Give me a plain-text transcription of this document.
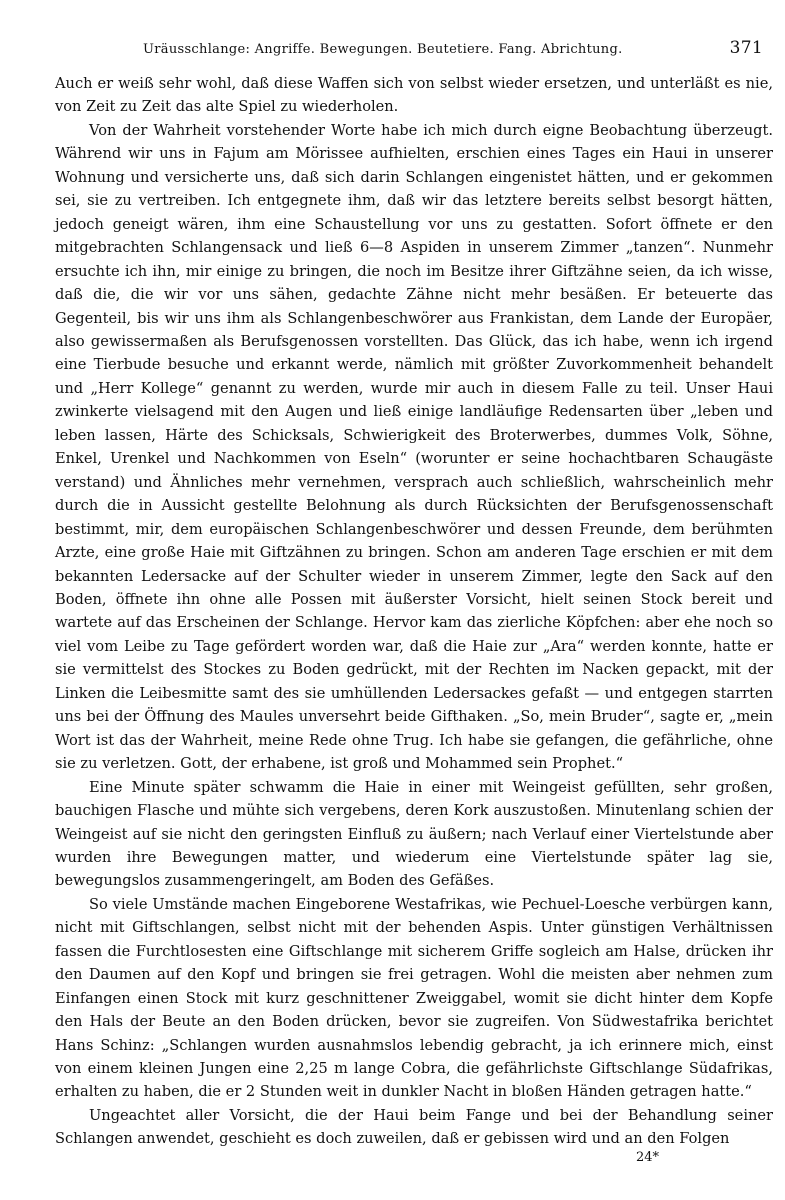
Uräusschlange: Angriffe. Bewegungen. Beutetiere. Fang. Abrichtung.	371

Auch er weiß sehr wohl, daß diese Waffen sich von selbst wieder ersetzen, und unterläßt es nie, von Zeit zu Zeit das alte Spiel zu wiederholen.

Von der Wahrheit vorstehender Worte habe ich mich durch eigne Beobachtung überzeugt. Während wir uns in Fajum am Mörissee aufhielten, erschien eines Tages ein Haui in unserer Wohnung und versicherte uns, daß sich darin Schlangen eingenistet hätten, und er gekommen sei, sie zu vertreiben. Ich entgegnete ihm, daß wir das letztere bereits selbst besorgt hätten, jedoch geneigt wären, ihm eine Schaustellung vor uns zu gestatten. Sofort öffnete er den mitgebrachten Schlangensack und ließ 6—8 Aspiden in unserem Zimmer „tanzen“. Nunmehr ersuchte ich ihn, mir einige zu bringen, die noch im Besitze ihrer Giftzähne seien, da ich wisse, daß die, die wir vor uns sähen, gedachte Zähne nicht mehr besäßen. Er beteuerte das Gegenteil, bis wir uns ihm als Schlangenbeschwörer aus Frankistan, dem Lande der Europäer, also gewissermaßen als Berufsgenossen vorstellten. Das Glück, das ich habe, wenn ich irgend eine Tierbude besuche und erkannt werde, nämlich mit größter Zuvorkommenheit behandelt und „Herr Kollege“ genannt zu werden, wurde mir auch in diesem Falle zu teil. Unser Haui zwinkerte vielsagend mit den Augen und ließ einige landläufige Redensarten über „leben und leben lassen, Härte des Schicksals, Schwierigkeit des Broterwerbes, dummes Volk, Söhne, Enkel, Urenkel und Nachkommen von Eseln“ (worunter er seine hochachtbaren Schaugäste verstand) und Ähnliches mehr vernehmen, versprach auch schließlich, wahrscheinlich mehr durch die in Aussicht gestellte Belohnung als durch Rücksichten der Berufsgenossenschaft bestimmt, mir, dem europäischen Schlangenbeschwörer und dessen Freunde, dem berühmten Arzte, eine große Haie mit Giftzähnen zu bringen. Schon am anderen Tage erschien er mit dem bekannten Ledersacke auf der Schulter wieder in unserem Zimmer, legte den Sack auf den Boden, öffnete ihn ohne alle Possen mit äußerster Vorsicht, hielt seinen Stock bereit und wartete auf das Erscheinen der Schlange. Hervor kam das zierliche Köpfchen: aber ehe noch so viel vom Leibe zu Tage gefördert worden war, daß die Haie zur „Ara“ werden konnte, hatte er sie vermittelst des Stockes zu Boden gedrückt, mit der Rechten im Nacken gepackt, mit der Linken die Leibesmitte samt des sie umhüllenden Ledersackes gefaßt — und entgegen starrten uns bei der Öffnung des Maules unversehrt beide Gifthaken. „So, mein Bruder“, sagte er, „mein Wort ist das der Wahrheit, meine Rede ohne Trug. Ich habe sie gefangen, die gefährliche, ohne sie zu verletzen. Gott, der erhabene, ist groß und Mohammed sein Prophet.“

Eine Minute später schwamm die Haie in einer mit Weingeist gefüllten, sehr großen, bauchigen Flasche und mühte sich vergebens, deren Kork auszustoßen. Minutenlang schien der Weingeist auf sie nicht den geringsten Einfluß zu äußern; nach Verlauf einer Viertelstunde aber wurden ihre Bewegungen matter, und wiederum eine Viertelstunde später lag sie, bewegungslos zusammengeringelt, am Boden des Gefäßes.

So viele Umstände machen Eingeborene Westafrikas, wie Pechuel-Loesche verbürgen kann, nicht mit Giftschlangen, selbst nicht mit der behenden Aspis. Unter günstigen Verhältnissen fassen die Furchtlosesten eine Giftschlange mit sicherem Griffe sogleich am Halse, drücken ihr den Daumen auf den Kopf und bringen sie frei getragen. Wohl die meisten aber nehmen zum Einfangen einen Stock mit kurz geschnittener Zweiggabel, womit sie dicht hinter dem Kopfe den Hals der Beute an den Boden drücken, bevor sie zugreifen. Von Südwestafrika berichtet Hans Schinz: „Schlangen wurden ausnahmslos lebendig gebracht, ja ich erinnere mich, einst von einem kleinen Jungen eine 2,25 m lange Cobra, die gefährlichste Giftschlange Südafrikas, erhalten zu haben, die er 2 Stunden weit in dunkler Nacht in bloßen Händen getragen hatte.“

Ungeachtet aller Vorsicht, die der Haui beim Fange und bei der Behandlung seiner Schlangen anwendet, geschieht es doch zuweilen, daß er gebissen wird und an den Folgen

24*
